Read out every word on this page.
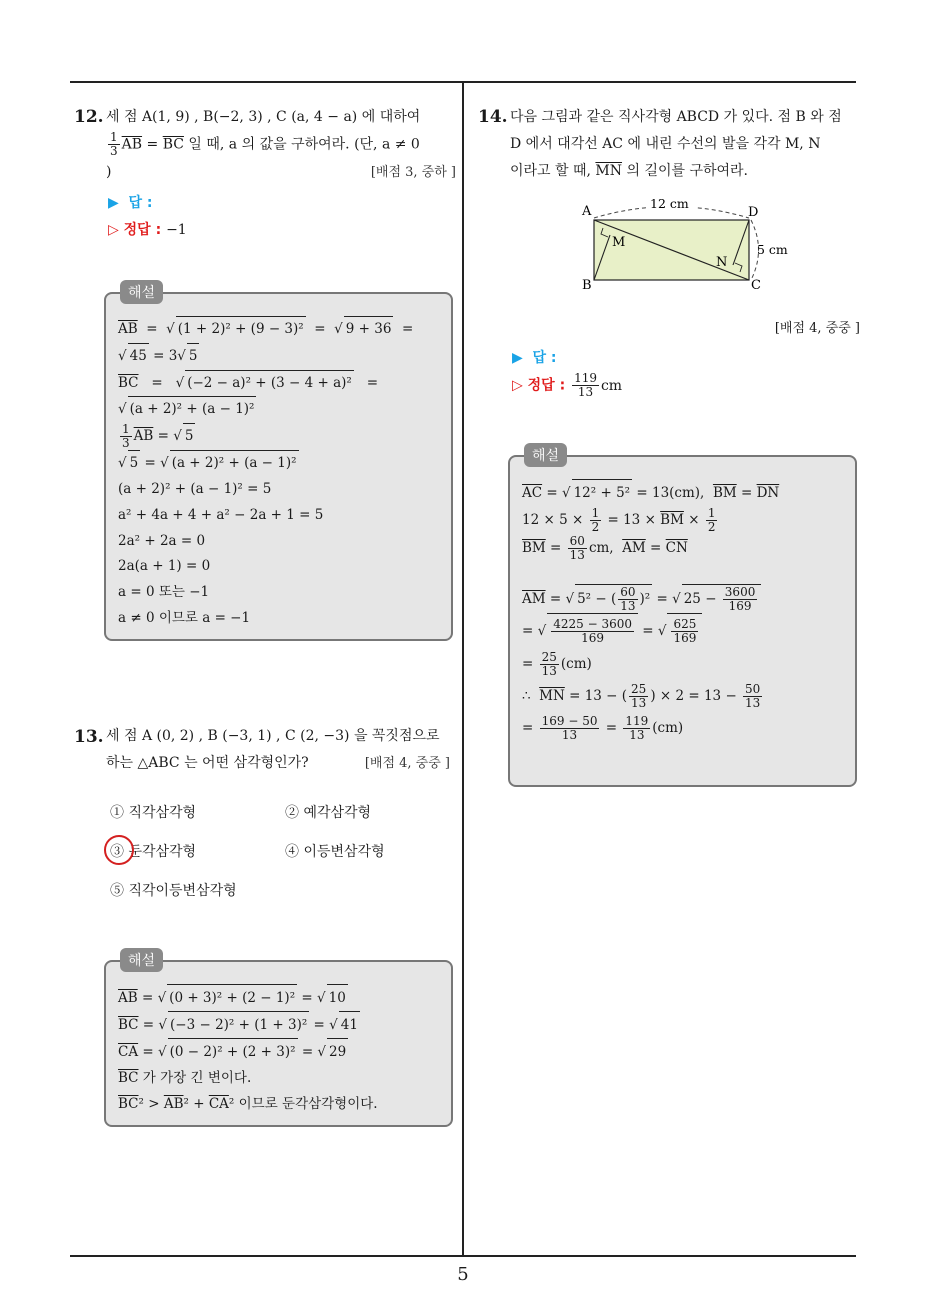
12. 세 점 A(1, 9) , B(−2, 3) , C (a, 4 − a) 에 대하여
$\frac{1}{3} \overline{AB} = \overline{BC}$ 일 때, a 의 값을 구하여라. (단, a ≠ 0
)	[배점 3, 중하 ]
▶ 답 :
▷ 정답 : −1
$\overline{AB}$  =  √ (1 + 2)² + (9 − 3)²  =  √ 9 + 36  =
√ 45 = 3√ 5
$\overline{BC}$   =   √ (−2 − a)² + (3 − 4 + a)²   =
√ (a + 2)² + (a − 1)²
$\frac{1}{3} \overline{AB}$ = √ 5
√ 5 = √ (a + 2)² + (a − 1)²
(a + 2)² + (a − 1)² = 5
a² + 4a + 4 + a² − 2a + 1 = 5
2a² + 2a = 0
2a(a + 1) = 0
a = 0 또는 −1
a ≠ 0 이므로 a = −1
해설
13. 세 점 A (0, 2) , B (−3, 1) , C (2, −3) 을 꼭짓점으로
하는 △ABC 는 어떤 삼각형인가?	[배점 4, 중중 ]
① 직각삼각형	② 예각삼각형
③ 둔각삼각형	④ 이등변삼각형
⑤ 직각이등변삼각형
$\overline{AB}$ = √ (0 + 3)² + (2 − 1)² = √ 10
$\overline{BC}$ = √ (−3 − 2)² + (1 + 3)² = √ 41
$\overline{CA}$ = √ (0 − 2)² + (2 + 3)² = √ 29
$\overline{BC}$ 가 가장 긴 변이다.
$\overline{BC}^2 > \overline{AB}^2 + \overline{CA}^2$ 이므로 둔각삼각형이다.
해설
14. 다음 그림과 같은 직사각형 ABCD 가 있다. 점 B 와 점
D 에서 대각선 AC 에 내린 수선의 발을 각각 M, N
이라고 할 때, $\overline{MN}$ 의 길이를 구하여라.
12 cm
5 cm
A	D
B	C
M
N
[배점 4, 중중 ]
▶ 답 :
▷ 정답 : $\frac{119}{13}$ cm
$\overline{AC}$ = √ 12² + 5² = 13(cm),  $\overline{BM} = \overline{DN}$
$12 \times 5 \times \frac{1}{2} = 13 \times \overline{BM} \times \frac{1}{2}$
$\overline{BM} = \frac{60}{13}$ cm,  $\overline{AM} = \overline{CN}$
$\overline{AM}$ = √ 5² − ( $\frac{60}{13} )^2$ = √ $25 - \frac{3600}{169}$
= √ $\frac{4225 - 3600}{169}$ = √ $\frac{625}{169}$
= $\frac{25}{13} (cm)$
∴  $\overline{MN} = 13$ − ( $\frac{25}{13}$ ) × $2 = 13 - \frac{50}{13}$
= $\frac{169 - 50}{13} = \frac{119}{13} (cm)$
해설
5
